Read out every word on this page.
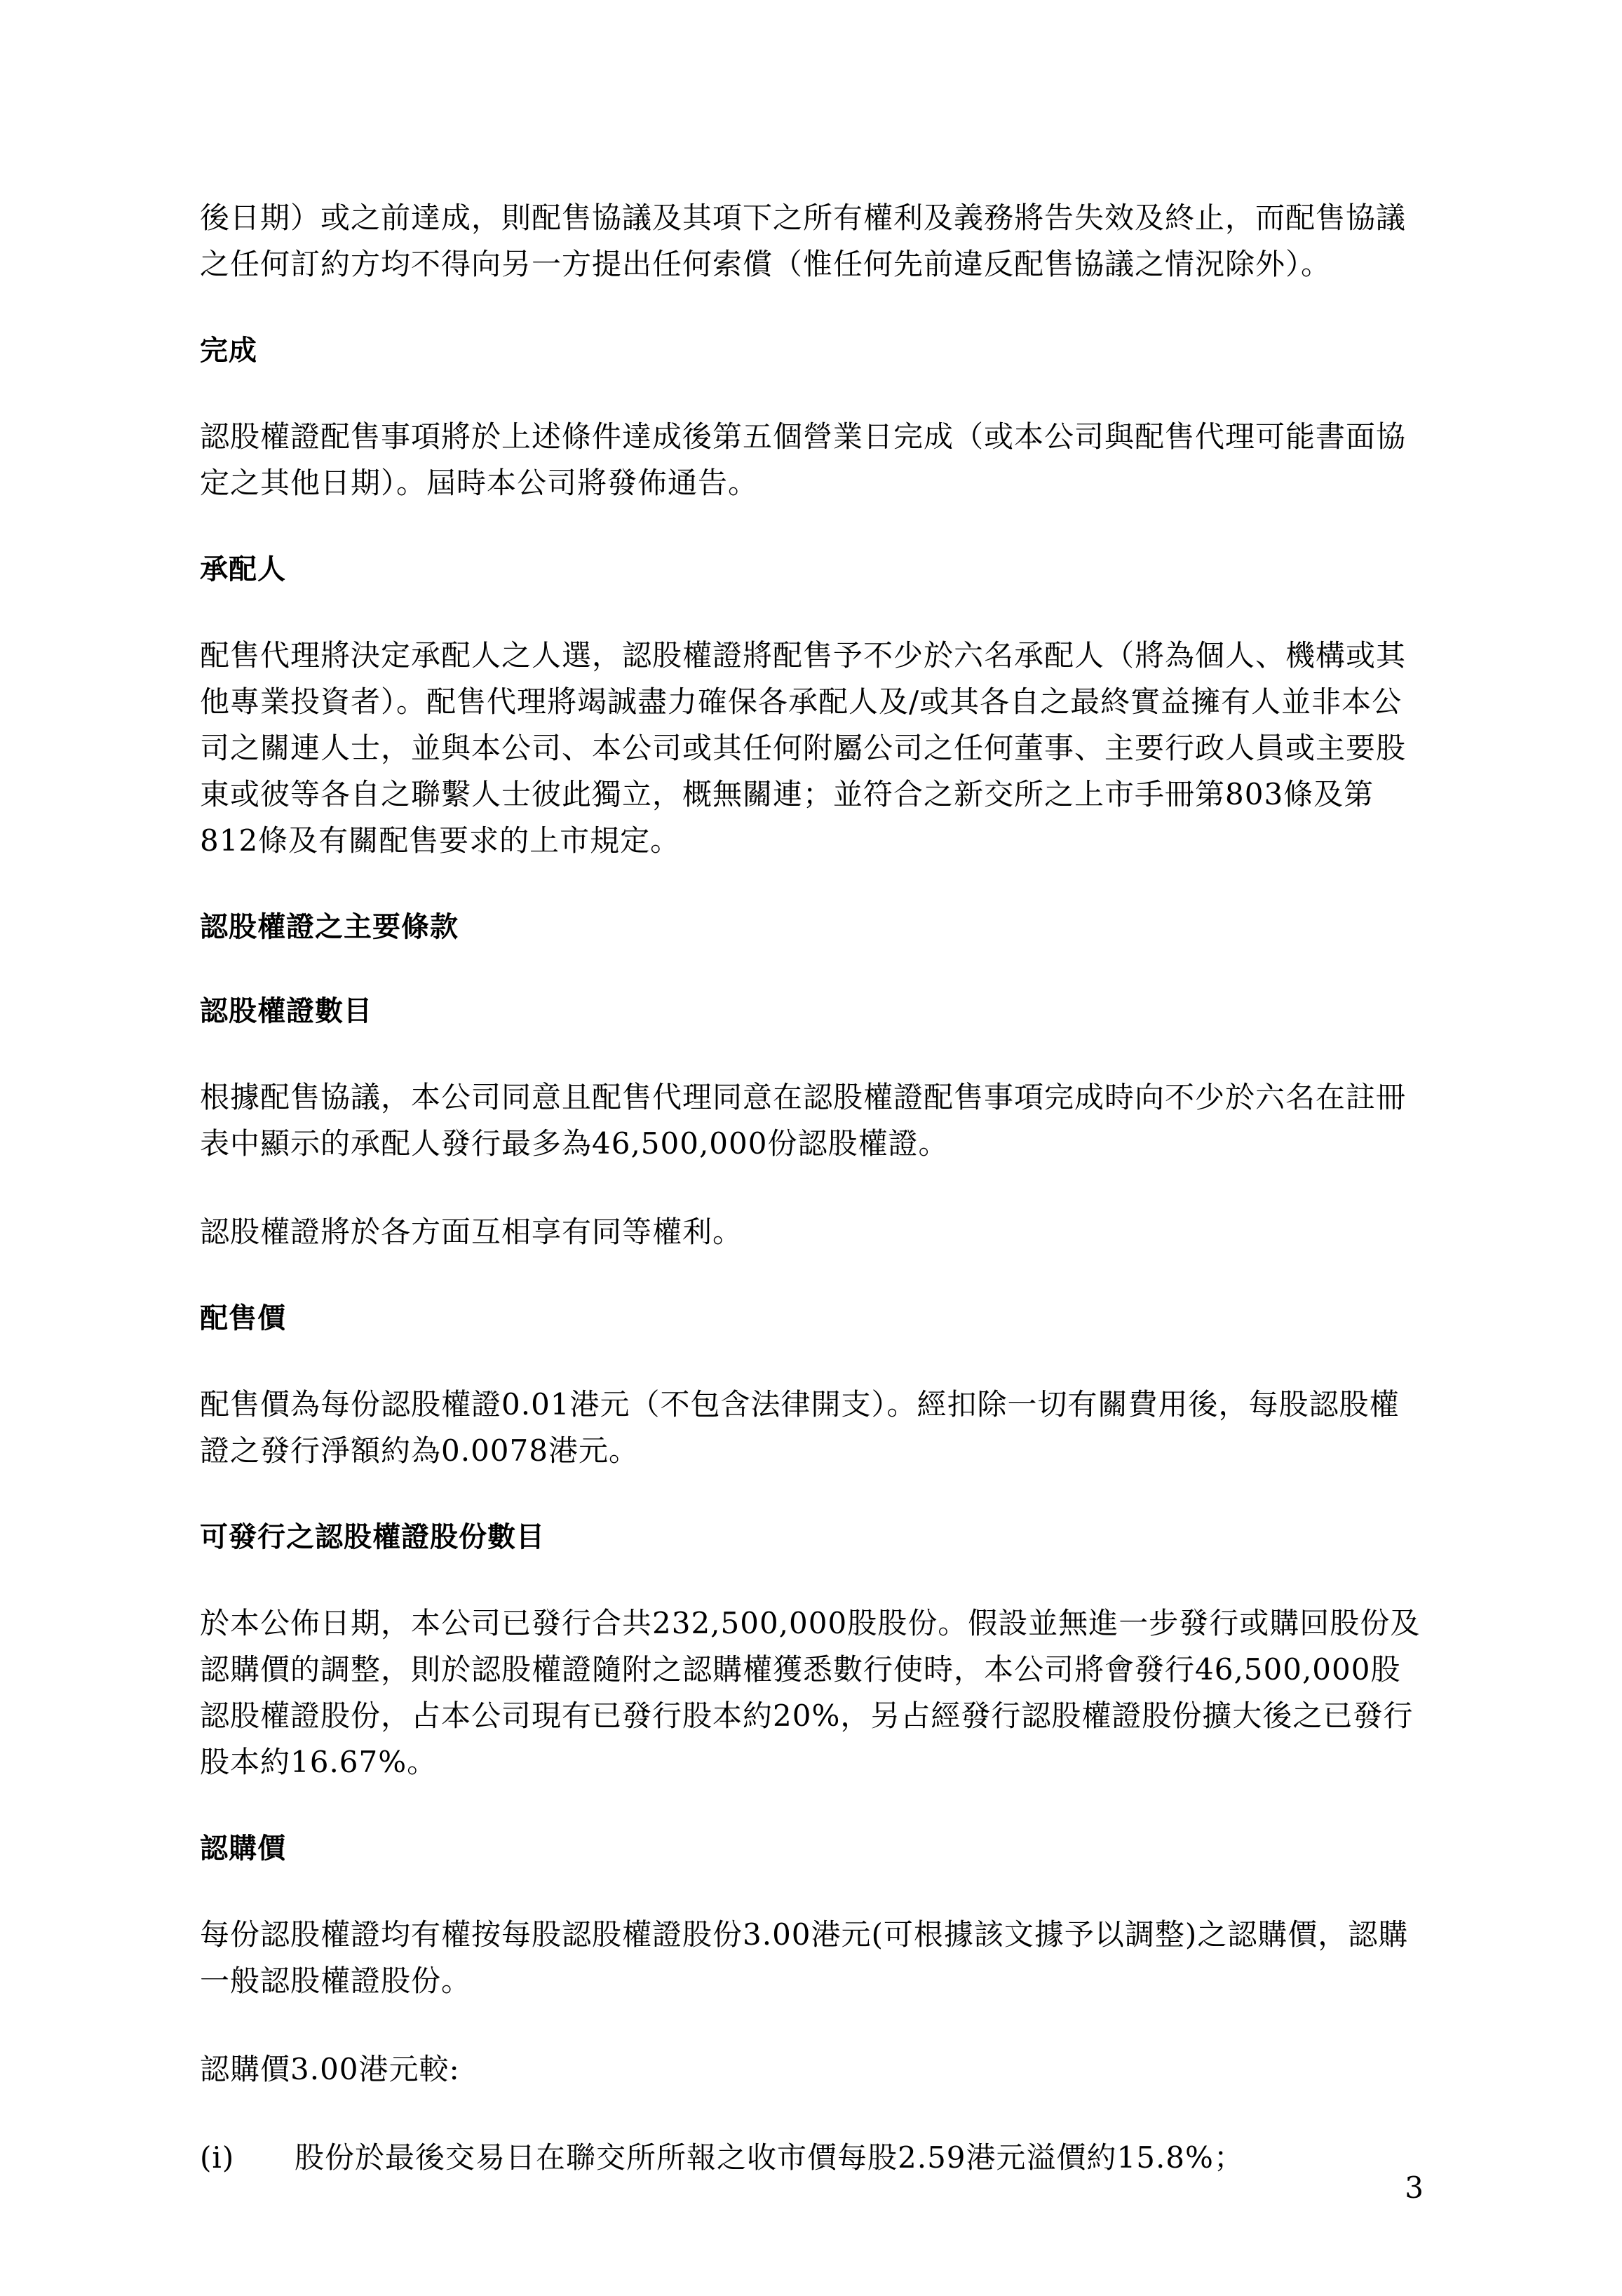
後日期）或之前達成，則配售協議及其項下之所有權利及義務將告失效及終止，而配售協議之任何訂約方均不得向另一方提出任何索償（惟任何先前違反配售協議之情況除外）。

完成

認股權證配售事項將於上述條件達成後第五個營業日完成（或本公司與配售代理可能書面協定之其他日期）。屆時本公司將發佈通告。

承配人

配售代理將決定承配人之人選，認股權證將配售予不少於六名承配人（將為個人、機構或其他專業投資者）。配售代理將竭誠盡力確保各承配人及/或其各自之最終實益擁有人並非本公司之關連人士，並與本公司、本公司或其任何附屬公司之任何董事、主要行政人員或主要股東或彼等各自之聯繫人士彼此獨立，概無關連；並符合之新交所之上市手冊第803條及第812條及有關配售要求的上市規定。

認股權證之主要條款

認股權證數目

根據配售協議，本公司同意且配售代理同意在認股權證配售事項完成時向不少於六名在註冊表中顯示的承配人發行最多為46,500,000份認股權證。

認股權證將於各方面互相享有同等權利。

配售價

配售價為每份認股權證0.01港元（不包含法律開支）。經扣除一切有關費用後，每股認股權證之發行淨額約為0.0078港元。

可發行之認股權證股份數目

於本公佈日期，本公司已發行合共232,500,000股股份。假設並無進一步發行或購回股份及認購價的調整，則於認股權證隨附之認購權獲悉數行使時，本公司將會發行46,500,000股認股權證股份，占本公司現有已發行股本約20%，另占經發行認股權證股份擴大後之已發行股本約16.67%。

認購價

每份認股權證均有權按每股認股權證股份3.00港元(可根據該文據予以調整)之認購價，認購一般認股權證股份。

認購價3.00港元較:

(i)	股份於最後交易日在聯交所所報之收市價每股2.59港元溢價約15.8%；
3
